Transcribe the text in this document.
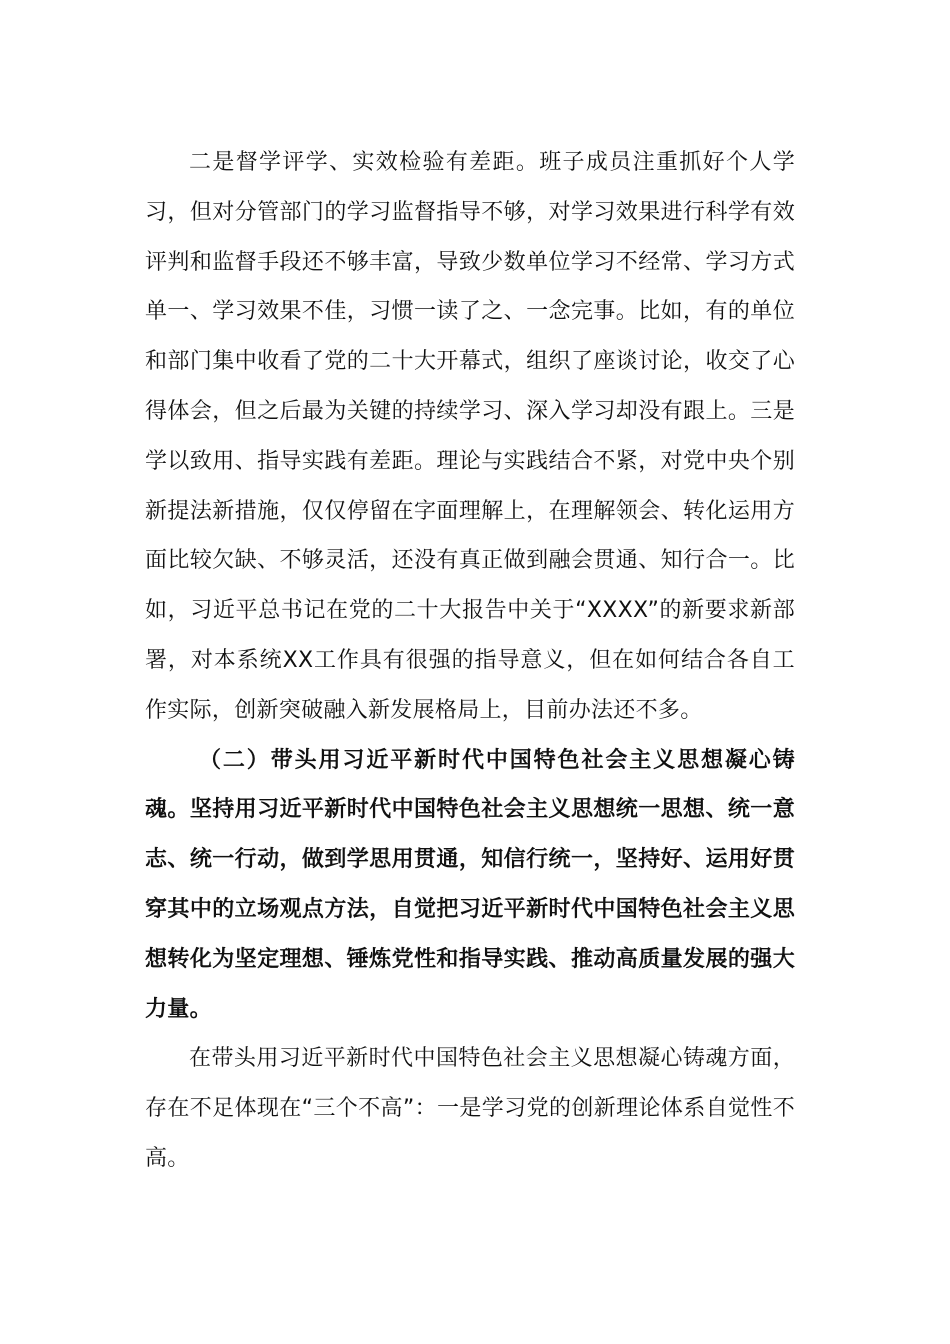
二是督学评学、实效检验有差距。班子成员注重抓好个人学习，但对分管部门的学习监督指导不够，对学习效果进行科学有效评判和监督手段还不够丰富，导致少数单位学习不经常、学习方式单一、学习效果不佳，习惯一读了之、一念完事。比如，有的单位和部门集中收看了党的二十大开幕式，组织了座谈讨论，收交了心得体会，但之后最为关键的持续学习、深入学习却没有跟上。三是学以致用、指导实践有差距。理论与实践结合不紧，对党中央个别新提法新措施，仅仅停留在字面理解上，在理解领会、转化运用方面比较欠缺、不够灵活，还没有真正做到融会贯通、知行合一。比如，习近平总书记在党的二十大报告中关于“XXXX”的新要求新部署，对本系统XX工作具有很强的指导意义，但在如何结合各自工作实际，创新突破融入新发展格局上，目前办法还不多。

（二）带头用习近平新时代中国特色社会主义思想凝心铸魂。坚持用习近平新时代中国特色社会主义思想统一思想、统一意志、统一行动，做到学思用贯通，知信行统一，坚持好、运用好贯穿其中的立场观点方法，自觉把习近平新时代中国特色社会主义思想转化为坚定理想、锤炼党性和指导实践、推动高质量发展的强大力量。

在带头用习近平新时代中国特色社会主义思想凝心铸魂方面，存在不足体现在“三个不高”：一是学习党的创新理论体系自觉性不高。
